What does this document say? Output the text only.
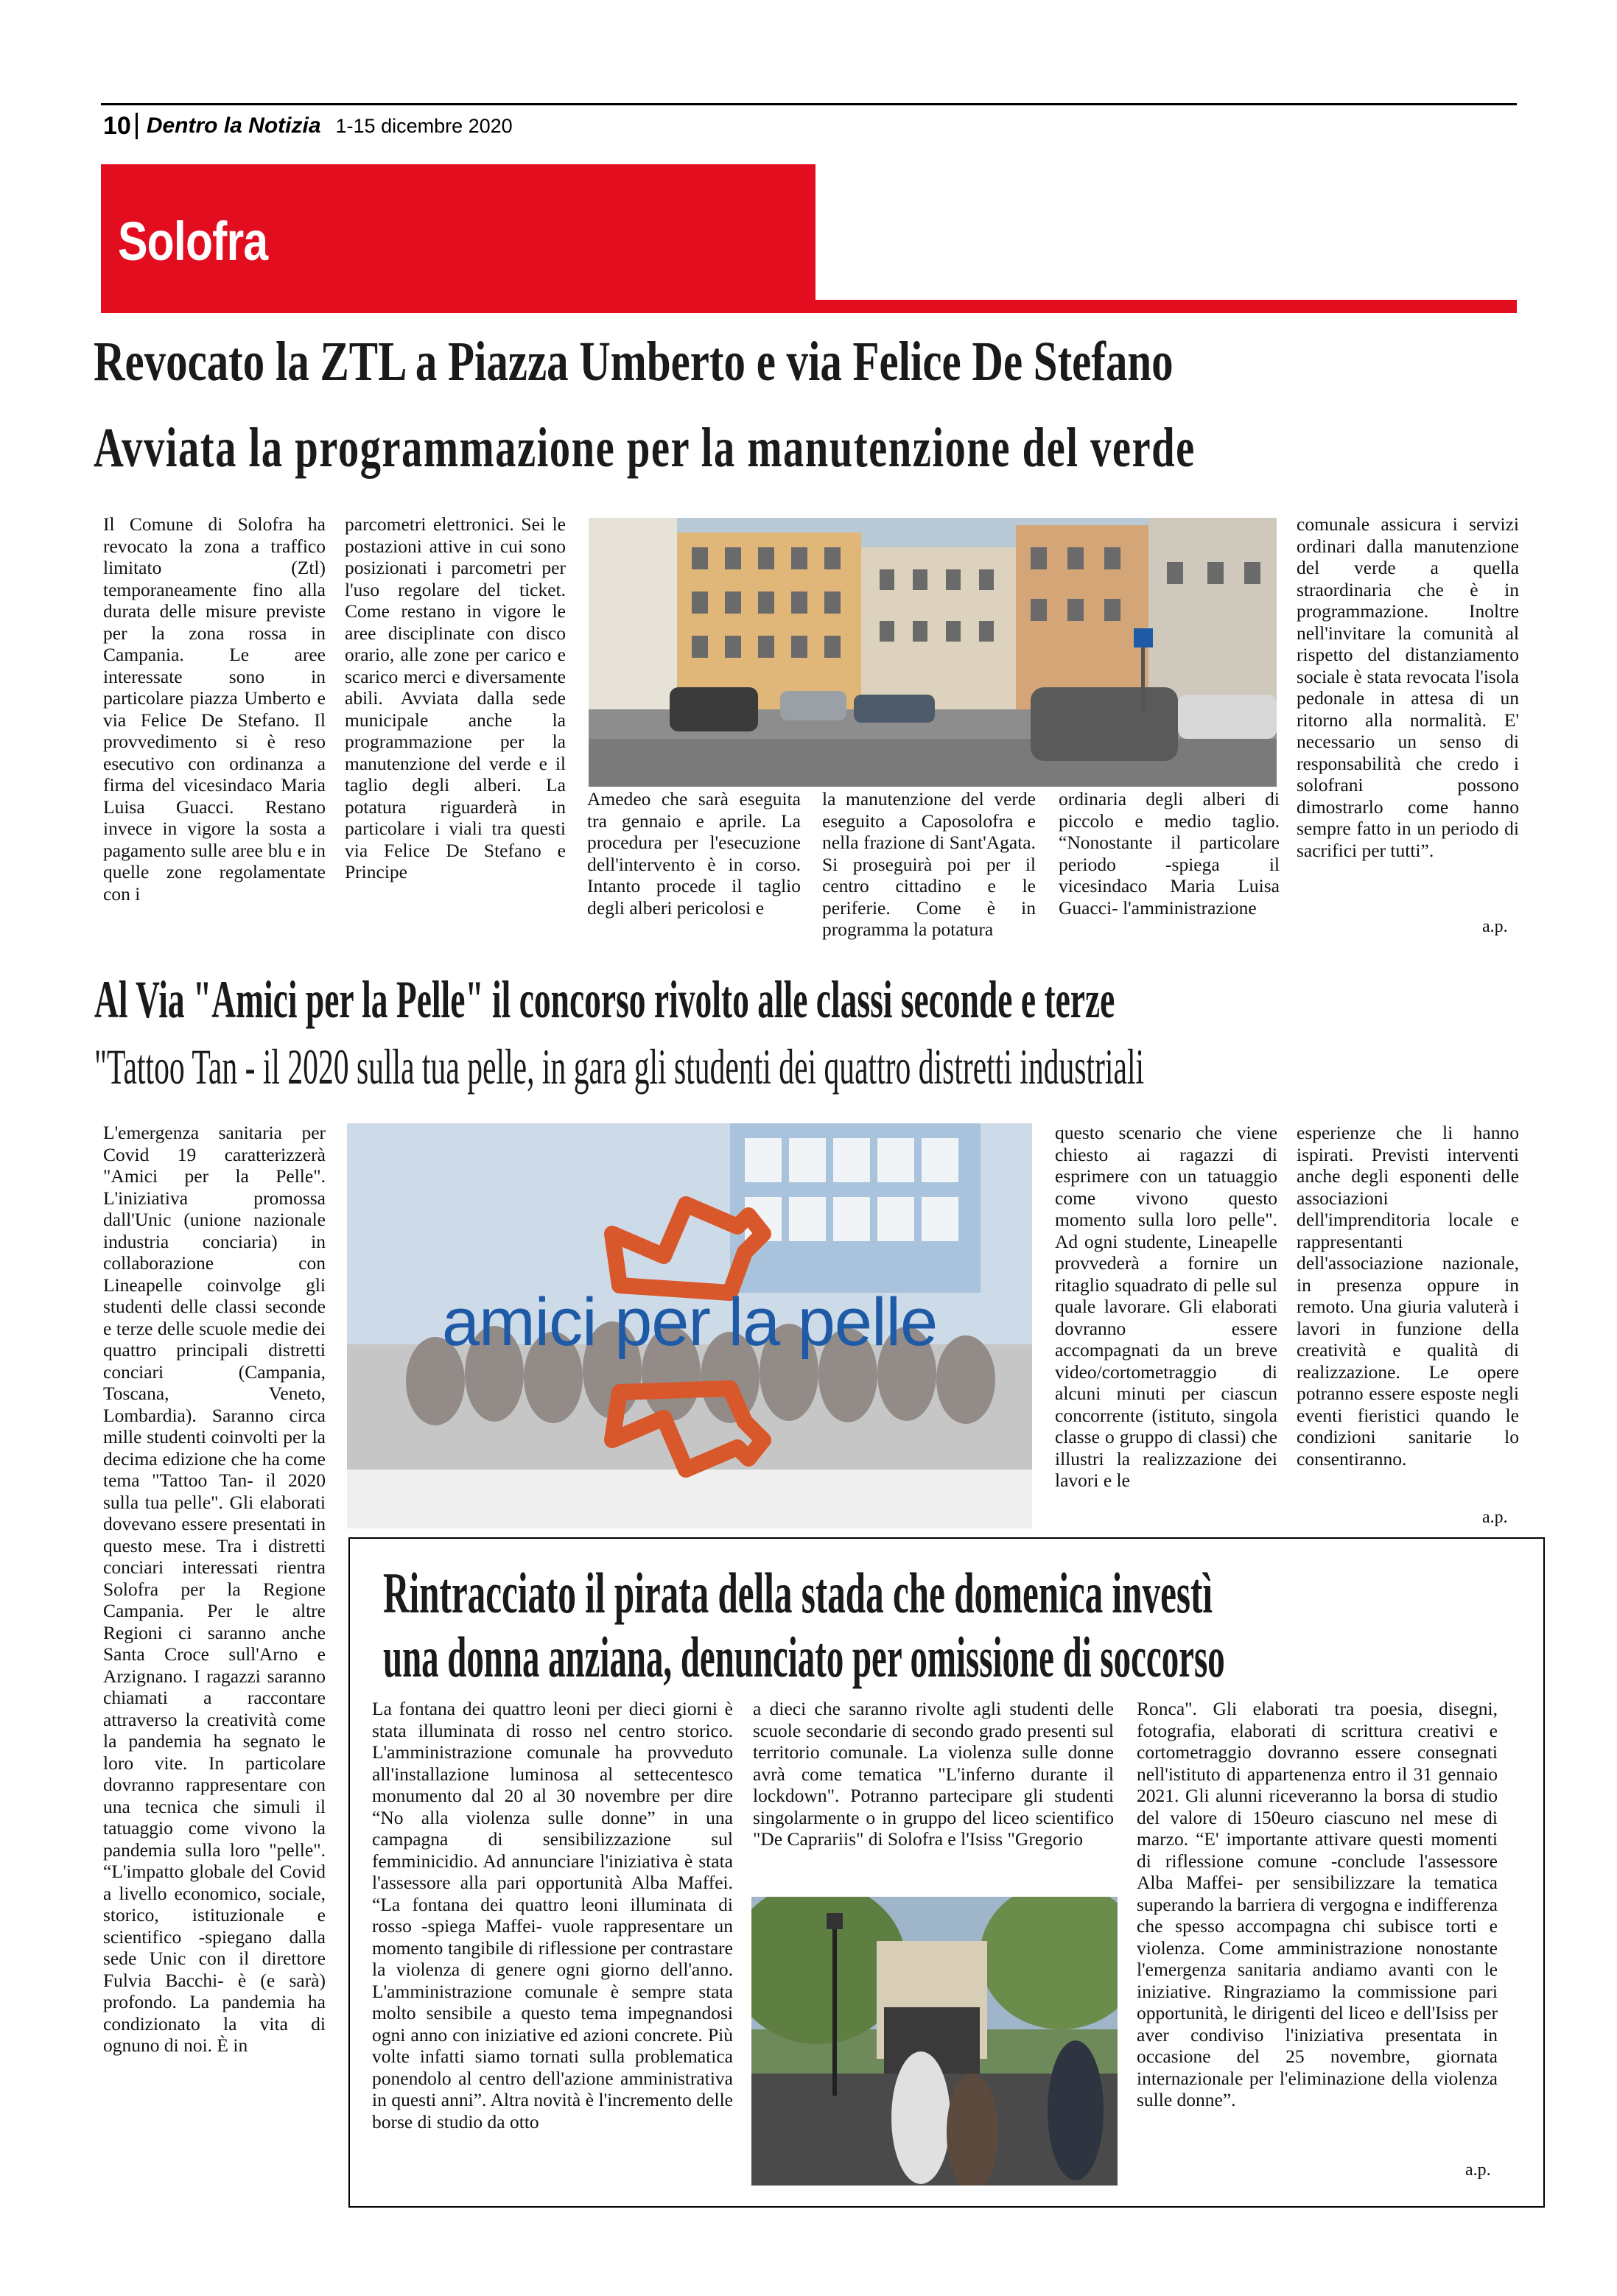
10 Dentro la Notizia 1-15 dicembre 2020
Solofra
Revocato la ZTL a Piazza Umberto e via Felice De Stefano
Avviata la programmazione per la manutenzione del verde
Il Comune di Solofra ha revocato la zona a traffico limitato (Ztl) temporaneamente fino alla durata delle misure previste per la zona rossa in Campania. Le aree interessate sono in particolare piazza Umberto e via Felice De Stefano. Il provvedimento si è reso esecutivo con ordinanza a firma del vicesindaco Maria Luisa Guacci. Restano invece in vigore la sosta a pagamento sulle aree blu e in quelle zone regolamentate con i
parcometri elettronici. Sei le postazioni attive in cui sono posizionati i parcometri per l'uso regolare del ticket. Come restano in vigore le aree disciplinate con disco orario, alle zone per carico e scarico merci e diversamente abili. Avviata dalla sede municipale anche la programmazione per la manutenzione del verde e il taglio degli alberi. La potatura riguarderà in particolare i viali tra questi via Felice De Stefano e Principe
Amedeo che sarà eseguita tra gennaio e aprile. La procedura per l'esecuzione dell'intervento è in corso. Intanto procede il taglio degli alberi pericolosi e
la manutenzione del verde eseguito a Caposolofra e nella frazione di Sant'Agata. Si proseguirà poi per il centro cittadino e le periferie. Come è in programma la potatura
ordinaria degli alberi di piccolo e medio taglio. “Nonostante il particolare periodo -spiega il vicesindaco Maria Luisa Guacci- l'amministrazione
comunale assicura i servizi ordinari dalla manutenzione del verde a quella straordinaria che è in programmazione. Inoltre nell'invitare la comunità al rispetto del distanziamento sociale è stata revocata l'isola pedonale in attesa di un ritorno alla normalità. E' necessario un senso di responsabilità che credo i solofrani possono dimostrarlo come hanno sempre fatto in un periodo di sacrifici per tutti”.
a.p.
Al Via "Amici per la Pelle" il concorso rivolto alle classi seconde e terze
"Tattoo Tan - il 2020 sulla tua pelle, in gara gli studenti dei quattro distretti industriali
L'emergenza sanitaria per Covid 19 caratterizzerà "Amici per la Pelle". L'iniziativa promossa dall'Unic (unione nazionale industria conciaria) in collaborazione con Lineapelle coinvolge gli studenti delle classi seconde e terze delle scuole medie dei quattro principali distretti conciari (Campania, Toscana, Veneto, Lombardia). Saranno circa mille studenti coinvolti per la decima edizione che ha come tema "Tattoo Tan- il 2020 sulla tua pelle". Gli elaborati dovevano essere presentati in questo mese. Tra i distretti conciari interessati rientra Solofra per la Regione Campania. Per le altre Regioni ci saranno anche Santa Croce sull'Arno e Arzignano. I ragazzi saranno chiamati a raccontare attraverso la creatività come la pandemia ha segnato le loro vite. In particolare dovranno rappresentare con una tecnica che simuli il tatuaggio come vivono la pandemia sulla loro "pelle". “L'impatto globale del Covid a livello economico, sociale, storico, istituzionale e scientifico -spiegano dalla sede Unic con il direttore Fulvia Bacchi- è (e sarà) profondo. La pandemia ha condizionato la vita di ognuno di noi. È in
amici per la pelle
questo scenario che viene chiesto ai ragazzi di esprimere con un tatuaggio come vivono questo momento sulla loro pelle". Ad ogni studente, Lineapelle provvederà a fornire un ritaglio squadrato di pelle sul quale lavorare. Gli elaborati dovranno essere accompagnati da un breve video/cortometraggio di alcuni minuti per ciascun concorrente (istituto, singola classe o gruppo di classi) che illustri la realizzazione dei lavori e le
esperienze che li hanno ispirati. Previsti interventi anche degli esponenti delle associazioni dell'imprenditoria locale e rappresentanti dell'associazione nazionale, in presenza oppure in remoto. Una giuria valuterà i lavori in funzione della creatività e qualità di realizzazione. Le opere potranno essere esposte negli eventi fieristici quando le condizioni sanitarie lo consentiranno.
a.p.
Rintracciato il pirata della stada che domenica investì
una donna anziana, denunciato per omissione di soccorso
La fontana dei quattro leoni per dieci giorni è stata illuminata di rosso nel centro storico. L'amministrazione comunale ha provveduto all'installazione luminosa al settecentesco monumento dal 20 al 30 novembre per dire “No alla violenza sulle donne” in una campagna di sensibilizzazione sul femminicidio. Ad annunciare l'iniziativa è stata l'assessore alla pari opportunità Alba Maffei. “La fontana dei quattro leoni illuminata di rosso -spiega Maffei- vuole rappresentare un momento tangibile di riflessione per contrastare la violenza di genere ogni giorno dell'anno. L'amministrazione comunale è sempre stata molto sensibile a questo tema impegnandosi ogni anno con iniziative ed azioni concrete. Più volte infatti siamo tornati sulla problematica ponendolo al centro dell'azione amministrativa in questi anni”. Altra novità è l'incremento delle borse di studio da otto
a dieci che saranno rivolte agli studenti delle scuole secondarie di secondo grado presenti sul territorio comunale. La violenza sulle donne avrà come tematica "L'inferno durante il lockdown". Potranno partecipare gli studenti singolarmente o in gruppo del liceo scientifico "De Caprariis" di Solofra e l'Isiss "Gregorio
Ronca". Gli elaborati tra poesia, disegni, fotografia, elaborati di scrittura creativi e cortometraggio dovranno essere consegnati nell'istituto di appartenenza entro il 31 gennaio 2021. Gli alunni riceveranno la borsa di studio del valore di 150euro ciascuno nel mese di marzo. “E' importante attivare questi momenti di riflessione comune -conclude l'assessore Alba Maffei- per sensibilizzare la tematica superando la barriera di vergogna e indifferenza che spesso accompagna chi subisce torti e violenza. Come amministrazione nonostante l'emergenza sanitaria andiamo avanti con le iniziative. Ringraziamo la commissione pari opportunità, le dirigenti del liceo e dell'Isiss per aver condiviso l'iniziativa presentata in occasione del 25 novembre, giornata internazionale per l'eliminazione della violenza sulle donne”.
a.p.
